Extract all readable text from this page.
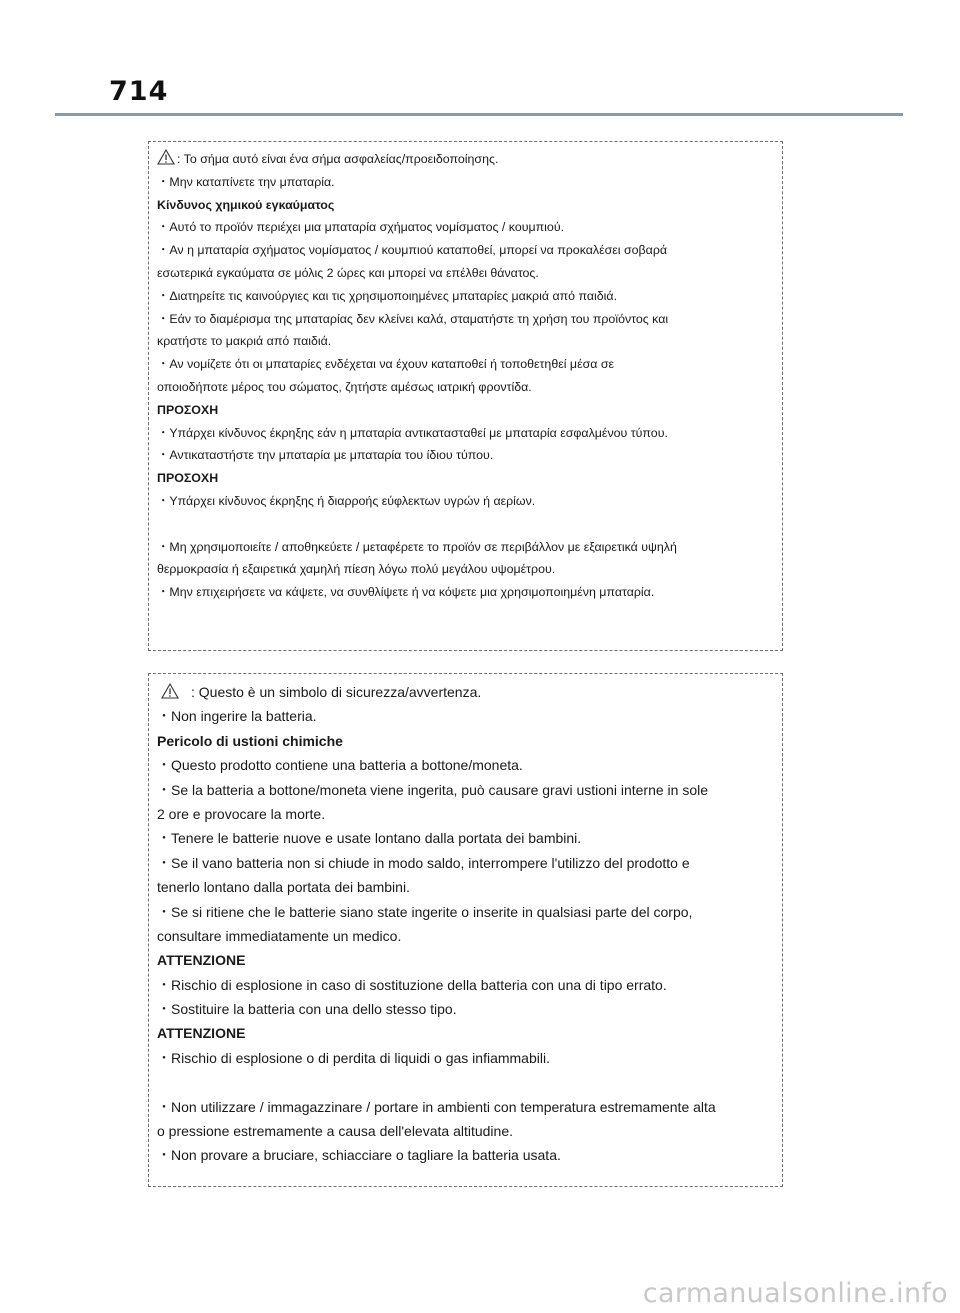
714
: Το σήμα αυτό είναι ένα σήμα ασφαλείας/προειδοποίησης.
・Μην καταπίνετε την μπαταρία.
Κίνδυνος χημικού εγκαύματος
・Αυτό το προϊόν περιέχει μια μπαταρία σχήματος νομίσματος / κουμπιού.
・Αν η μπαταρία σχήματος νομίσματος / κουμπιού καταποθεί, μπορεί να προκαλέσει σοβαρά
εσωτερικά εγκαύματα σε μόλις 2 ώρες και μπορεί να επέλθει θάνατος.
・Διατηρείτε τις καινούργιες και τις χρησιμοποιημένες μπαταρίες μακριά από παιδιά.
・Εάν το διαμέρισμα της μπαταρίας δεν κλείνει καλά, σταματήστε τη χρήση του προϊόντος και
κρατήστε το μακριά από παιδιά.
・Αν νομίζετε ότι οι μπαταρίες ενδέχεται να έχουν καταποθεί ή τοποθετηθεί μέσα σε
οποιοδήποτε μέρος του σώματος, ζητήστε αμέσως ιατρική φροντίδα.
ΠΡΟΣΟΧΗ
・Υπάρχει κίνδυνος έκρηξης εάν η μπαταρία αντικατασταθεί με μπαταρία εσφαλμένου τύπου.
・Αντικαταστήστε την μπαταρία με μπαταρία του ίδιου τύπου.
ΠΡΟΣΟΧΗ
・Υπάρχει κίνδυνος έκρηξης ή διαρροής εύφλεκτων υγρών ή αερίων.
・Μη χρησιμοποιείτε / αποθηκεύετε / μεταφέρετε το προϊόν σε περιβάλλον με εξαιρετικά υψηλή
θερμοκρασία ή εξαιρετικά χαμηλή πίεση λόγω πολύ μεγάλου υψομέτρου.
・Μην επιχειρήσετε να κάψετε, να συνθλίψετε ή να κόψετε μια χρησιμοποιημένη μπαταρία.
: Questo è un simbolo di sicurezza/avvertenza.
・Non ingerire la batteria.
Pericolo di ustioni chimiche
・Questo prodotto contiene una batteria a bottone/moneta.
・Se la batteria a bottone/moneta viene ingerita, può causare gravi ustioni interne in sole
2 ore e provocare la morte.
・Tenere le batterie nuove e usate lontano dalla portata dei bambini.
・Se il vano batteria non si chiude in modo saldo, interrompere l'utilizzo del prodotto e
tenerlo lontano dalla portata dei bambini.
・Se si ritiene che le batterie siano state ingerite o inserite in qualsiasi parte del corpo,
consultare immediatamente un medico.
ATTENZIONE
・Rischio di esplosione in caso di sostituzione della batteria con una di tipo errato.
・Sostituire la batteria con una dello stesso tipo.
ATTENZIONE
・Rischio di esplosione o di perdita di liquidi o gas infiammabili.
・Non utilizzare / immagazzinare / portare in ambienti con temperatura estremamente alta
o pressione estremamente a causa dell'elevata altitudine.
・Non provare a bruciare, schiacciare o tagliare la batteria usata.
carmanualsonline.info
